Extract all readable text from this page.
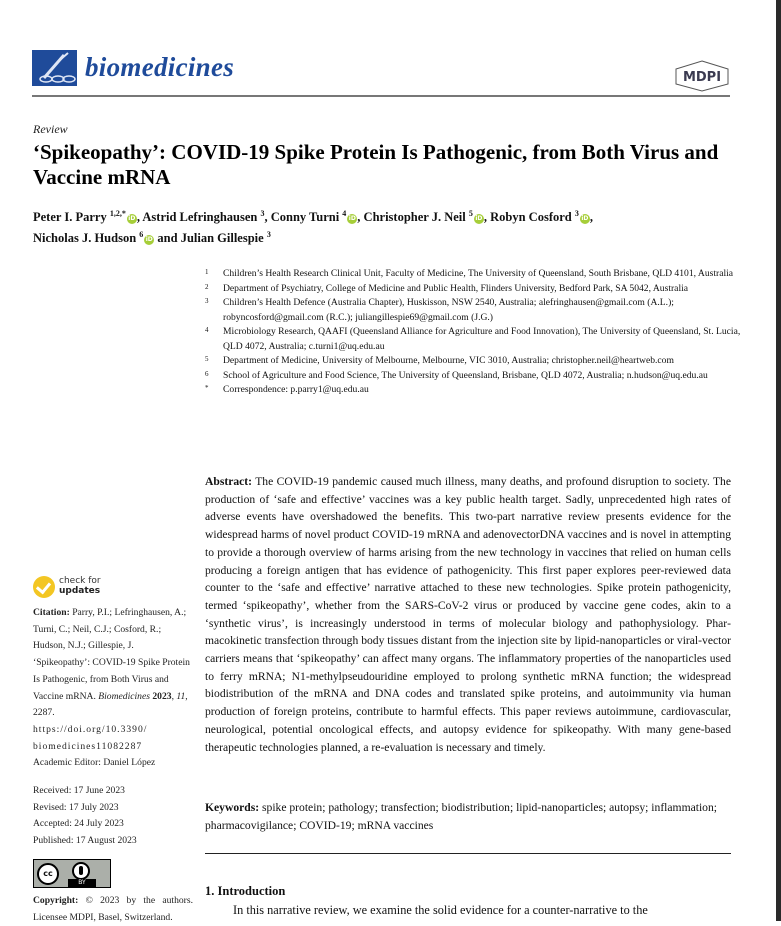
biomedicines	MDPI
Review
‘Spikeopathy’: COVID-19 Spike Protein Is Pathogenic, from Both Virus and Vaccine mRNA
Peter I. Parry $^{1,2,*}$iD, Astrid Lefringhausen $^3$, Conny Turni $^4$iD, Christopher J. Neil $^5$iD, Robyn Cosford $^3$iD,
Nicholas J. Hudson $^6$iD and Julian Gillespie $^3$
1 Children’s Health Research Clinical Unit, Faculty of Medicine, The University of Queensland, South Brisbane, QLD 4101, Australia
2 Department of Psychiatry, College of Medicine and Public Health, Flinders University, Bedford Park, SA 5042, Australia
3 Children’s Health Defence (Australia Chapter), Huskisson, NSW 2540, Australia; alefringhausen@gmail.com (A.L.); robyncosford@gmail.com (R.C.); juliangillespie69@gmail.com (J.G.)
4 Microbiology Research, QAAFI (Queensland Alliance for Agriculture and Food Innovation), The University of Queensland, St. Lucia, QLD 4072, Australia; c.turni1@uq.edu.au
5 Department of Medicine, University of Melbourne, Melbourne, VIC 3010, Australia; christopher.neil@heartweb.com
6 School of Agriculture and Food Science, The University of Queensland, Brisbane, QLD 4072, Australia; n.hudson@uq.edu.au
* Correspondence: p.parry1@uq.edu.au
Abstract: The COVID-19 pandemic caused much illness, many deaths, and profound disruption to society. The production of ‘safe and effective’ vaccines was a key public health target. Sadly, unprecedented high rates of adverse events have overshadowed the benefits. This two-part narrative review presents evidence for the widespread harms of novel product COVID-19 mRNA and adenovectorDNA vaccines and is novel in attempting to provide a thorough overview of harms arising from the new technology in vaccines that relied on human cells producing a foreign antigen that has evidence of pathogenicity. This first paper explores peer-reviewed data counter to the ‘safe and effective’ narrative attached to these new technologies. Spike protein pathogenicity, termed ‘spikeopathy’, whether from the SARS-CoV-2 virus or produced by vaccine gene codes, akin to a ‘synthetic virus’, is increasingly understood in terms of molecular biology and pathophysiology. Pharmacokinetic transfection through body tissues distant from the injection site by lipid-nanoparticles or viral-vector carriers means that ‘spikeopathy’ can affect many organs. The inflammatory properties of the nanoparticles used to ferry mRNA; N1-methylpseudouridine employed to prolong synthetic mRNA function; the widespread biodistribution of the mRNA and DNA codes and translated spike proteins, and autoimmunity via human production of foreign proteins, contribute to harmful effects. This paper reviews autoimmune, cardiovascular, neurological, potential oncological effects, and autopsy evidence for spikeopathy. With many gene-based therapeutic technologies planned, a re-evaluation is necessary and timely.
Keywords: spike protein; pathology; transfection; biodistribution; lipid-nanoparticles; autopsy; inflammation; pharmacovigilance; COVID-19; mRNA vaccines
1. Introduction
In this narrative review, we examine the solid evidence for a counter-narrative to the
check for
updates
Citation: Parry, P.I.; Lefringhausen, A.; Turni, C.; Neil, C.J.; Cosford, R.; Hudson, N.J.; Gillespie, J. ‘Spikeopathy’: COVID-19 Spike Protein Is Pathogenic, from Both Virus and Vaccine mRNA. Biomedicines 2023, 11, 2287.
https://doi.org/10.3390/ biomedicines11082287
Academic Editor: Daniel López
Received: 17 June 2023
Revised: 17 July 2023
Accepted: 24 July 2023
Published: 17 August 2023
cc
BY
Copyright: © 2023 by the authors. Licensee MDPI, Basel, Switzerland.
